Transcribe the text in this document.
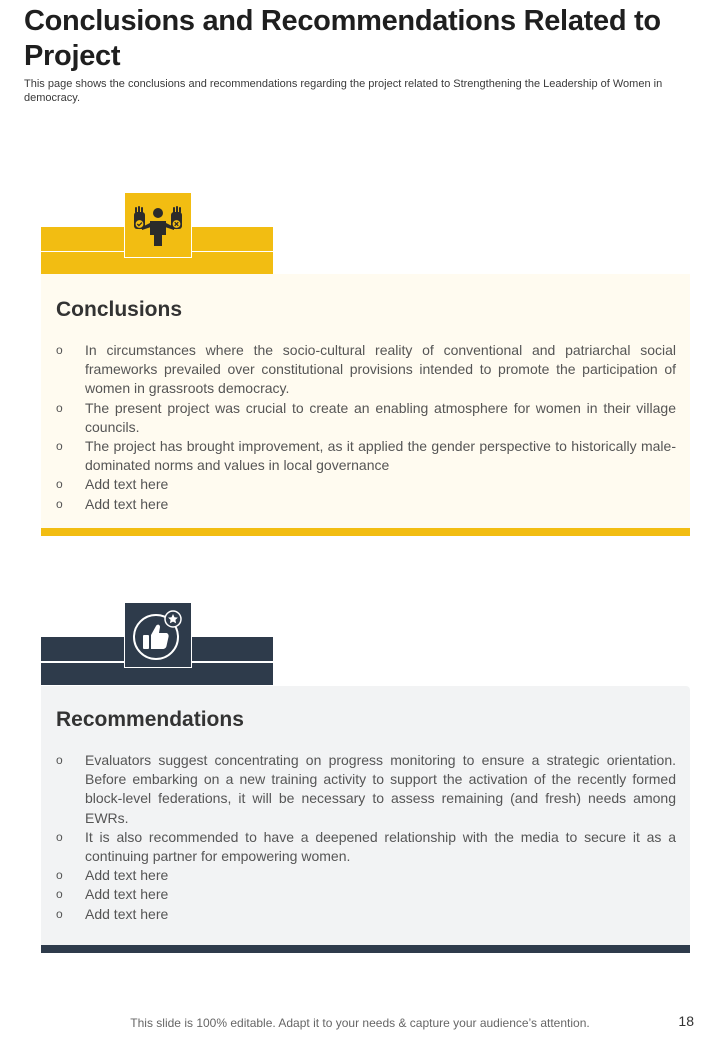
Conclusions and Recommendations Related to Project
This page shows the conclusions and recommendations regarding the project related to Strengthening the Leadership of Women in democracy.
Conclusions
o In circumstances where the socio-cultural reality of conventional and patriarchal social frameworks prevailed over constitutional provisions intended to promote the participation of women in grassroots democracy.
o The present project was crucial to create an enabling atmosphere for women in their village councils.
o The project has brought improvement, as it applied the gender perspective to historically male-dominated norms and values in local governance
o Add text here
o Add text here
Recommendations
o Evaluators suggest concentrating on progress monitoring to ensure a strategic orientation. Before embarking on a new training activity to support the activation of the recently formed block-level federations, it will be necessary to assess remaining (and fresh) needs among EWRs.
o It is also recommended to have a deepened relationship with the media to secure it as a continuing partner for empowering women.
o Add text here
o Add text here
o Add text here
This slide is 100% editable. Adapt it to your needs & capture your audience’s attention.	18
